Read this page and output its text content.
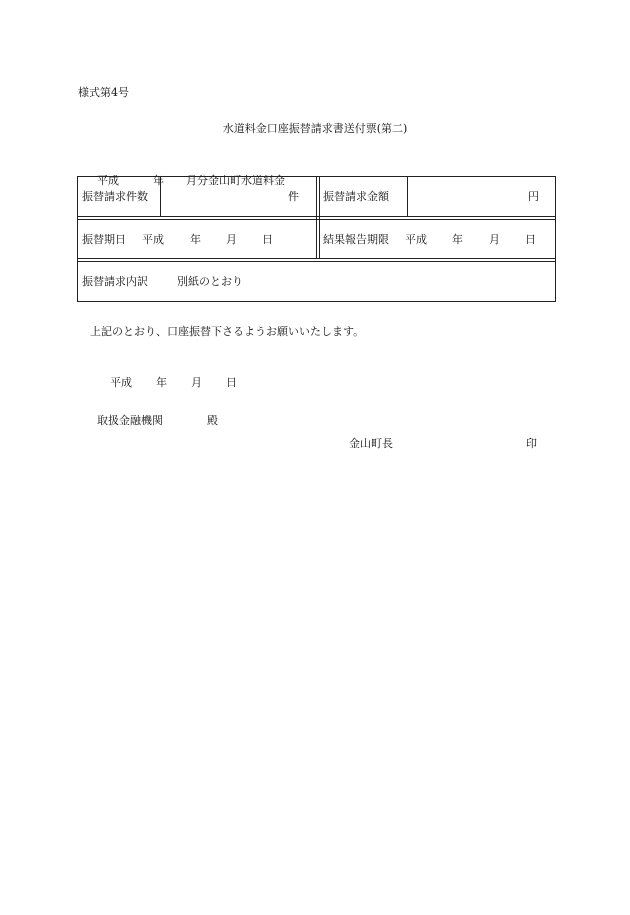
様式第4号
水道料金口座振替請求書送付票(第二)

平成	年 月分金山町水道料金

振替請求件数	件 振替請求金額	円
振替期日 平成 年 月 日	結果報告期限 平成 年 月 日
振替請求内訳	別紙のとおり
上記のとおり、口座振替下さるようお願いいたします。

平成 年 月 日

取扱金融機関	殿

金山町長	印
